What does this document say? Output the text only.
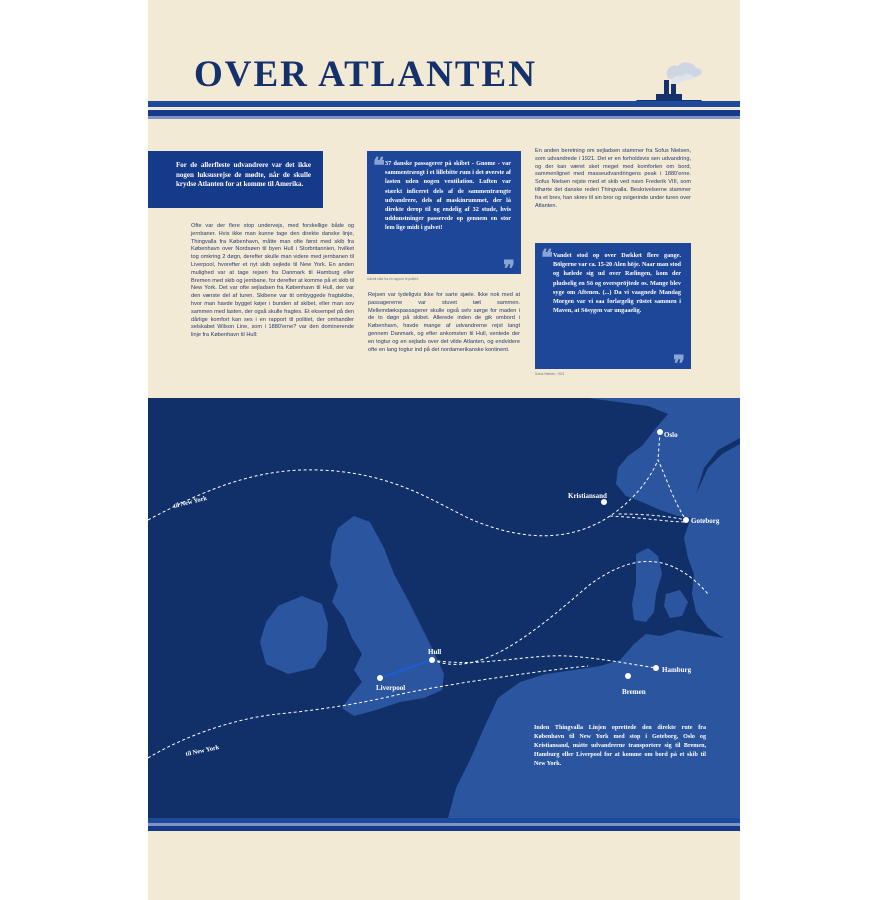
OVER ATLANTEN

For de allerfleste udvandrere var det ikke nogen luksusrejse de mødte, når de skulle krydse Atlanten for at komme til Amerika.

Ofte var der flere stop undervejs, med forskellige både og jernbaner. Hvis ikke man kunne tage den direkte danske linje, Thingvalla fra København, måtte man ofte først med skib fra København over Nordsøen til byen Hull i Storbritannien, hvilket tog omkring 2 døgn, derefter skulle man videre med jernbanen til Liverpool, hvorefter et nyt skib sejlede til New York. En anden mulighed var at tage rejsen fra Danmark til Hamburg eller Bremen med skib og jernbane, for derefter at komme på et skib til New York. Det var ofte sejladsen fra København til Hull, der var den værste del af turen. Skibene var tit ombyggede fragtskibe, hvor man havde bygget køjer i bunden af skibet, eller man sov sammen med lasten, der også skulle fragtes. Et eksempel på den dårlige komfort kan ses i en rapport til politiet, der omhandler selskabet Wilson Line, som i 1880'erne? var den dominerende linje fra København til Hull:
❝ 37 danske passagerer på skibet - Gnome - var sammentrængt i et lillebitte rum i det øverste af lasten uden nogen ventilation. Luften var stærkt inficeret dels af de sammentrængte udvandrere, dels af maskinrummet, der lå direkte derop til og endelig af 32 stude, hvis uddunstninger passerede op gennem en stor lem lige midt i gulvet!

❞
Udsnit citat fra en rapport til politiet.
Rejsen var tydeligvis ikke for sarte sjæle. Ikke nok med at passagererne var stuvet tæt sammen. Mellemdækspassagerer skulle også selv sørge for maden i de to døgn på skibet. Allerede inden de gik ombord i København, havde mange af udvandrerne rejst langt gennem Danmark, og efter ankomsten til Hull, ventede der en togtur og en sejlads over det vilde Atlanten, og endvidere ofte en lang togtur ind på det nordamerikanske kontinent.
En anden beretning om sejladsen stammer fra Sofus Nielsen, som udvandrede i 1921. Det er en forholdsvis sen udvandring, og der kan været sket meget med komforten om bord, sammenlignet med masseudvandringens peak i 1880'erne. Sofus Nielsen rejste med et skib ved navn Frederik VIII, som tilhørte det danske rederi Thingvalla. Beskrivelserne stammer fra et brev, han skrev til sin bror og svigerinde under turen over Atlanten.
❝ Vandet stod op over Dækket flere gange. Bölgerne var ca. 15-20 Alen höje. Naar man stod og hælede sig ud over Rælingen, kom der pludselig en Sö og overspröjtede os. Mange blev syge om Aftenen. (...) Da vi vaagnede Mandag Morgen var vi saa forlægelig rüstet sammen i Maven, at Sösygen var ungaaelig.

❞
Sofus Nielsen, 1921
til New York
til New York
Oslo
Kristiansand
Goteborg
Hull
Liverpool
Hamburg
Bremen

Inden Thingvalla Linjen oprettede den direkte rute fra København til New York med stop i Goteborg, Oslo og Kristiansand, måtte udvandrerne transportere sig til Bremen, Hamburg eller Liverpool for at komme om bord på et skib til New York.
